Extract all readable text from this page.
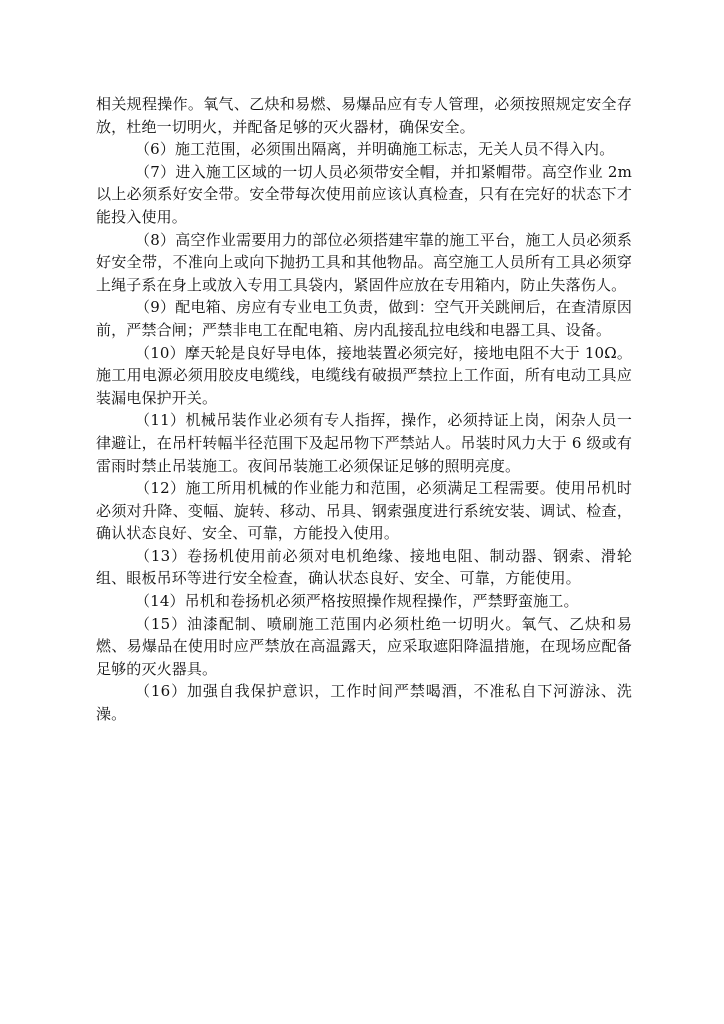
相关规程操作。氧气、乙炔和易燃、易爆品应有专人管理，必须按照规定安全存放，杜绝一切明火，并配备足够的灭火器材，确保安全。

（6）施工范围，必须围出隔离，并明确施工标志，无关人员不得入内。

（7）进入施工区域的一切人员必须带安全帽，并扣紧帽带。高空作业 2m 以上必须系好安全带。安全带每次使用前应该认真检查，只有在完好的状态下才能投入使用。

（8）高空作业需要用力的部位必须搭建牢靠的施工平台，施工人员必须系好安全带，不准向上或向下抛扔工具和其他物品。高空施工人员所有工具必须穿上绳子系在身上或放入专用工具袋内，紧固件应放在专用箱内，防止失落伤人。

（9）配电箱、房应有专业电工负责，做到：空气开关跳闸后，在查清原因前，严禁合闸；严禁非电工在配电箱、房内乱接乱拉电线和电器工具、设备。

（10）摩天轮是良好导电体，接地装置必须完好，接地电阻不大于 10Ω。施工用电源必须用胶皮电缆线，电缆线有破损严禁拉上工作面，所有电动工具应装漏电保护开关。

（11）机械吊装作业必须有专人指挥，操作，必须持证上岗，闲杂人员一律避让，在吊杆转幅半径范围下及起吊物下严禁站人。吊装时风力大于 6 级或有雷雨时禁止吊装施工。夜间吊装施工必须保证足够的照明亮度。

（12）施工所用机械的作业能力和范围，必须满足工程需要。使用吊机时必须对升降、变幅、旋转、移动、吊具、钢索强度进行系统安装、调试、检查，确认状态良好、安全、可靠，方能投入使用。

（13）卷扬机使用前必须对电机绝缘、接地电阻、制动器、钢索、滑轮组、眼板吊环等进行安全检查，确认状态良好、安全、可靠，方能使用。

（14）吊机和卷扬机必须严格按照操作规程操作，严禁野蛮施工。

（15）油漆配制、喷刷施工范围内必须杜绝一切明火。氧气、乙炔和易燃、易爆品在使用时应严禁放在高温露天，应采取遮阳降温措施，在现场应配备足够的灭火器具。

（16）加强自我保护意识，工作时间严禁喝酒，不准私自下河游泳、洗澡。
